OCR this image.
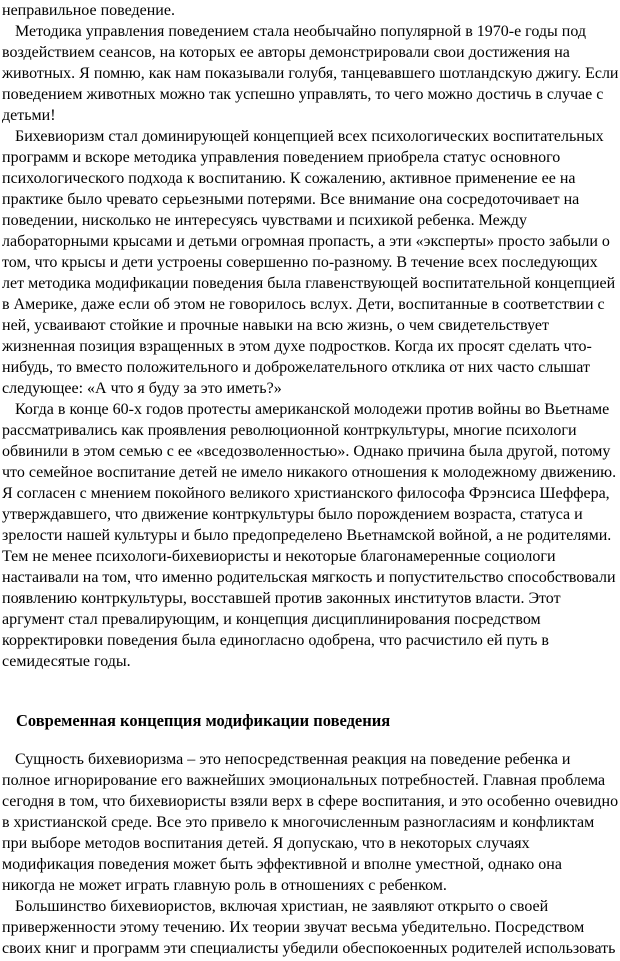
неправильное поведение.

Методика управления поведением стала необычайно популярной в 1970-е годы под воздействием сеансов, на которых ее авторы демонстрировали свои достижения на животных. Я помню, как нам показывали голубя, танцевавшего шотландскую джигу. Если поведением животных можно так успешно управлять, то чего можно достичь в случае с детьми!

Бихевиоризм стал доминирующей концепцией всех психологических воспитательных программ и вскоре методика управления поведением приобрела статус основного психологического подхода к воспитанию. К сожалению, активное применение ее на практике было чревато серьезными потерями. Все внимание она сосредоточивает на поведении, нисколько не интересуясь чувствами и психикой ребенка. Между лабораторными крысами и детьми огромная пропасть, а эти «эксперты» просто забыли о том, что крысы и дети устроены совершенно по-разному. В течение всех последующих лет методика модификации поведения была главенствующей воспитательной концепцией в Америке, даже если об этом не говорилось вслух. Дети, воспитанные в соответствии с ней, усваивают стойкие и прочные навыки на всю жизнь, о чем свидетельствует жизненная позиция взращенных в этом духе подростков. Когда их просят сделать что-нибудь, то вместо положительного и доброжелательного отклика от них часто слышат следующее: «А что я буду за это иметь?»

Когда в конце 60-х годов протесты американской молодежи против войны во Вьетнаме рассматривались как проявления революционной контркультуры, многие психологи обвинили в этом семью с ее «вседозволенностью». Однако причина была другой, потому что семейное воспитание детей не имело никакого отношения к молодежному движению. Я согласен с мнением покойного великого христианского философа Фрэнсиса Шеффера, утверждавшего, что движение контркультуры было порождением возраста, статуса и зрелости нашей культуры и было предопределено Вьетнамской войной, а не родителями. Тем не менее психологи-бихевиористы и некоторые благонамеренные социологи настаивали на том, что именно родительская мягкость и попустительство способствовали появлению контркультуры, восставшей против законных институтов власти. Этот аргумент стал превалирующим, и концепция дисциплинирования посредством корректировки поведения была единогласно одобрена, что расчистило ей путь в семидесятые годы.

Современная концепция модификации поведения

Сущность бихевиоризма – это непосредственная реакция на поведение ребенка и полное игнорирование его важнейших эмоциональных потребностей. Главная проблема сегодня в том, что бихевиористы взяли верх в сфере воспитания, и это особенно очевидно в христианской среде. Все это привело к многочисленным разногласиям и конфликтам при выборе методов воспитания детей. Я допускаю, что в некоторых случаях модификация поведения может быть эффективной и вполне уместной, однако она никогда не может играть главную роль в отношениях с ребенком.

Большинство бихевиористов, включая христиан, не заявляют открыто о своей приверженности этому течению. Их теории звучат весьма убедительно. Посредством своих книг и программ эти специалисты убедили обеспокоенных родителей использовать
